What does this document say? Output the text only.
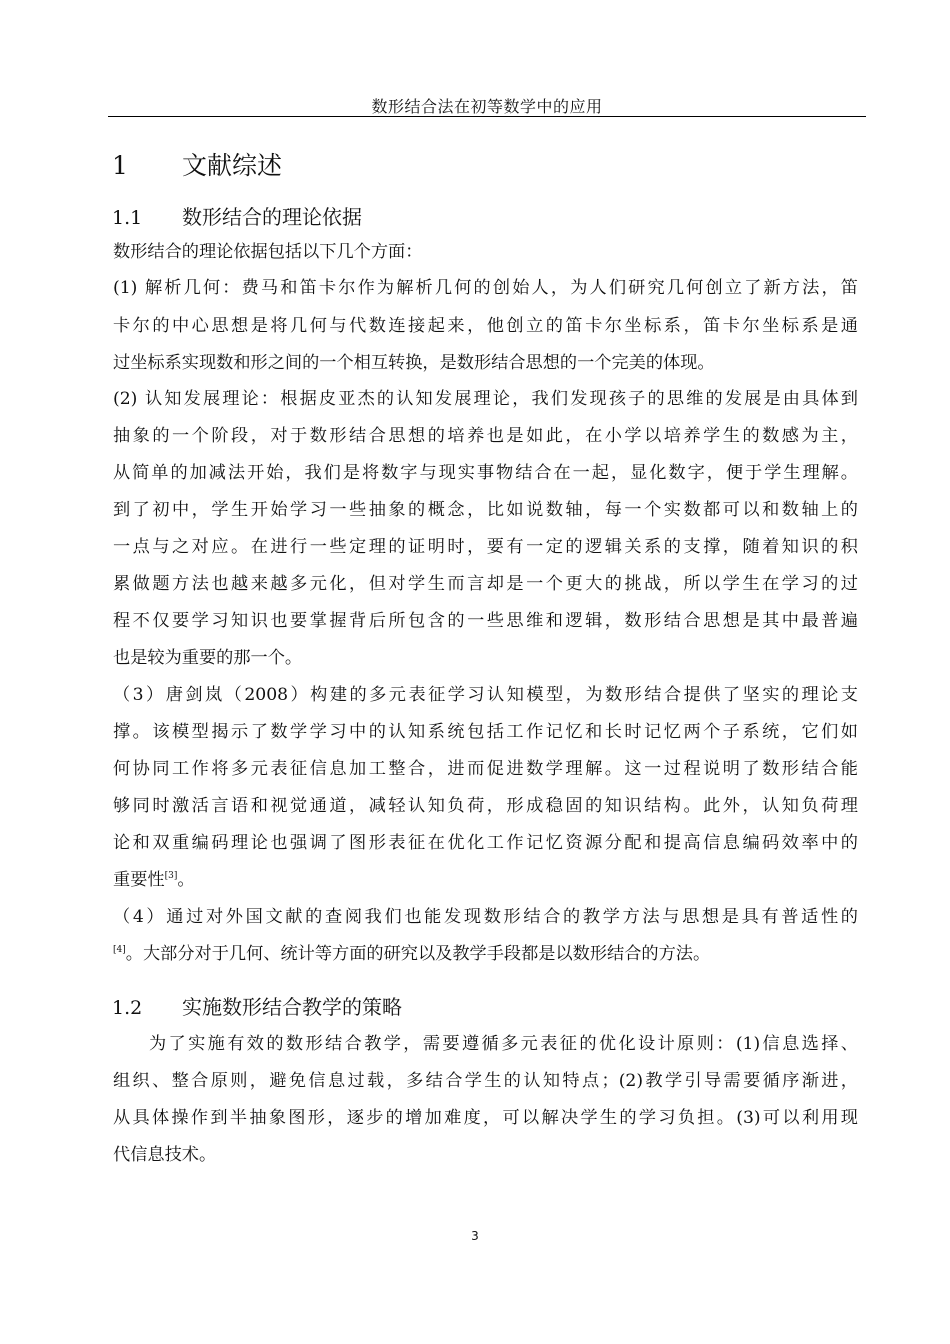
数形结合法在初等数学中的应用
1 文献综述
1.1 数形结合的理论依据
数形结合的理论依据包括以下几个方面：
(1) 解析几何：费马和笛卡尔作为解析几何的创始人，为人们研究几何创立了新方法，笛
卡尔的中心思想是将几何与代数连接起来，他创立的笛卡尔坐标系，笛卡尔坐标系是通
过坐标系实现数和形之间的一个相互转换，是数形结合思想的一个完美的体现。
(2) 认知发展理论：根据皮亚杰的认知发展理论，我们发现孩子的思维的发展是由具体到
抽象的一个阶段，对于数形结合思想的培养也是如此，在小学以培养学生的数感为主，
从简单的加减法开始，我们是将数字与现实事物结合在一起，显化数字，便于学生理解。
到了初中，学生开始学习一些抽象的概念，比如说数轴，每一个实数都可以和数轴上的
一点与之对应。在进行一些定理的证明时，要有一定的逻辑关系的支撑，随着知识的积
累做题方法也越来越多元化，但对学生而言却是一个更大的挑战，所以学生在学习的过
程不仅要学习知识也要掌握背后所包含的一些思维和逻辑，数形结合思想是其中最普遍
也是较为重要的那一个。
（3）唐剑岚（2008）构建的多元表征学习认知模型，为数形结合提供了坚实的理论支
撑。该模型揭示了数学学习中的认知系统包括工作记忆和长时记忆两个子系统，它们如
何协同工作将多元表征信息加工整合，进而促进数学理解。这一过程说明了数形结合能
够同时激活言语和视觉通道，减轻认知负荷，形成稳固的知识结构。此外，认知负荷理
论和双重编码理论也强调了图形表征在优化工作记忆资源分配和提高信息编码效率中的
重要性[3]。
（4）通过对外国文献的查阅我们也能发现数形结合的教学方法与思想是具有普适性的
[4]。大部分对于几何、统计等方面的研究以及教学手段都是以数形结合的方法。
1.2 实施数形结合教学的策略
为了实施有效的数形结合教学，需要遵循多元表征的优化设计原则：(1)信息选择、
组织、整合原则，避免信息过载，多结合学生的认知特点；(2)教学引导需要循序渐进，
从具体操作到半抽象图形，逐步的增加难度，可以解决学生的学习负担。(3)可以利用现
代信息技术。
3
